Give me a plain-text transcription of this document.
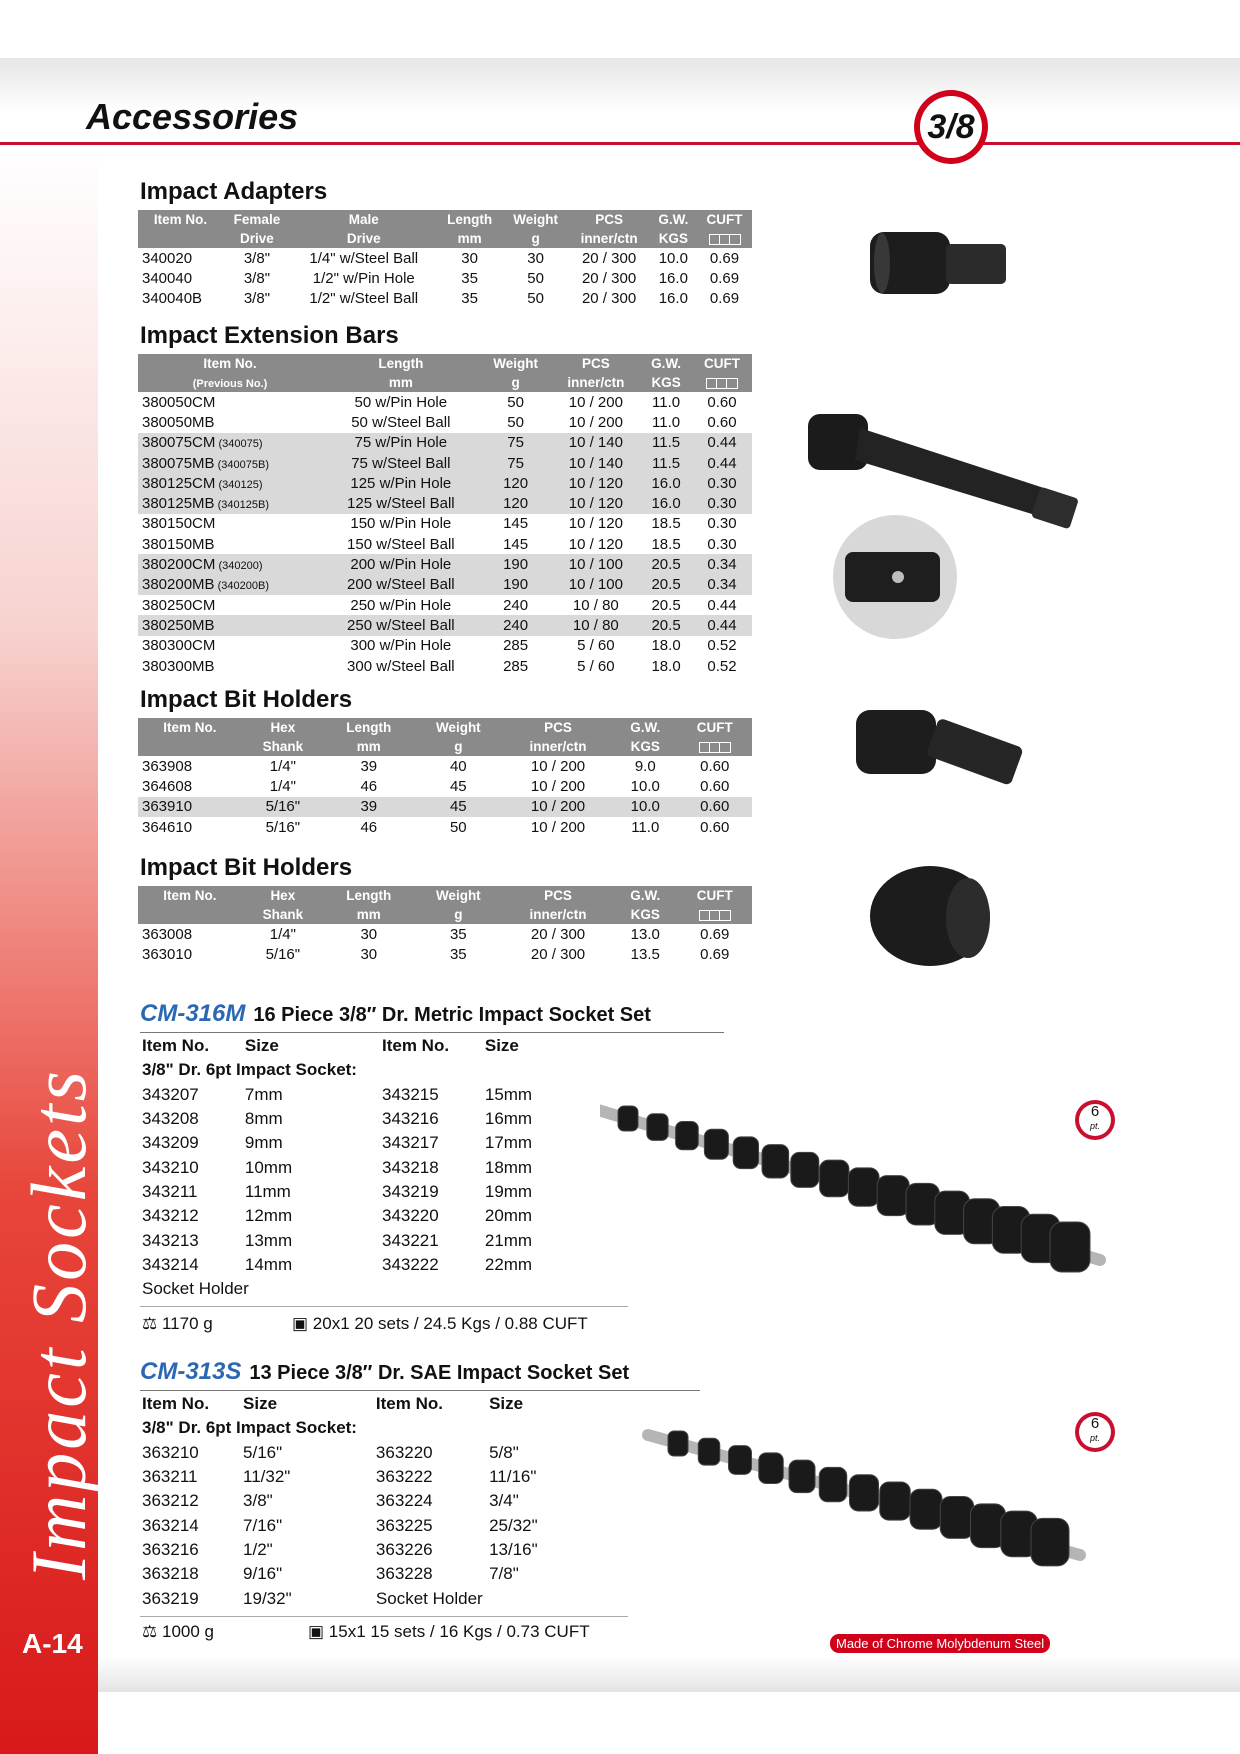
Accessories	3/8
Impact Sockets
A-14
Impact Adapters
Item No.	Female	Male	Length	Weight	PCS	G.W.	CUFT
	Drive	Drive	mm	g	inner/ctn	KGS	
340020	3/8"	1/4" w/Steel Ball	30	30	20 / 300	10.0	0.69
340040	3/8"	1/2" w/Pin Hole	35	50	20 / 300	16.0	0.69
340040B	3/8"	1/2" w/Steel Ball	35	50	20 / 300	16.0	0.69
Impact Extension Bars
Item No.	Length	Weight	PCS	G.W.	CUFT
(Previous No.)	mm	g	inner/ctn	KGS	
380050CM	50 w/Pin Hole	50	10 / 200	11.0	0.60
380050MB	50 w/Steel Ball	50	10 / 200	11.0	0.60
380075CM (340075)	75 w/Pin Hole	75	10 / 140	11.5	0.44
380075MB (340075B)	75 w/Steel Ball	75	10 / 140	11.5	0.44
380125CM (340125)	125 w/Pin Hole	120	10 / 120	16.0	0.30
380125MB (340125B)	125 w/Steel Ball	120	10 / 120	16.0	0.30
380150CM	150 w/Pin Hole	145	10 / 120	18.5	0.30
380150MB	150 w/Steel Ball	145	10 / 120	18.5	0.30
380200CM (340200)	200 w/Pin Hole	190	10 / 100	20.5	0.34
380200MB (340200B)	200 w/Steel Ball	190	10 / 100	20.5	0.34
380250CM	250 w/Pin Hole	240	10 / 80	20.5	0.44
380250MB	250 w/Steel Ball	240	10 / 80	20.5	0.44
380300CM	300 w/Pin Hole	285	5 / 60	18.0	0.52
380300MB	300 w/Steel Ball	285	5 / 60	18.0	0.52
Impact Bit Holders
Item No.	Hex	Length	Weight	PCS	G.W.	CUFT
	Shank	mm	g	inner/ctn	KGS	
363908	1/4"	39	40	10 / 200	9.0	0.60
364608	1/4"	46	45	10 / 200	10.0	0.60
363910	5/16"	39	45	10 / 200	10.0	0.60
364610	5/16"	46	50	10 / 200	11.0	0.60
Impact Bit Holders
Item No.	Hex	Length	Weight	PCS	G.W.	CUFT
	Shank	mm	g	inner/ctn	KGS	
363008	1/4"	30	35	20 / 300	13.0	0.69
363010	5/16"	30	35	20 / 300	13.5	0.69
CM-316M 16 Piece 3/8″ Dr. Metric Impact Socket Set
Item No.	Size	Item No.	Size
3/8" Dr. 6pt Impact Socket:			
343207	7mm	343215	15mm
343208	8mm	343216	16mm
343209	9mm	343217	17mm
343210	10mm	343218	18mm
343211	11mm	343219	19mm
343212	12mm	343220	20mm
343213	13mm	343221	21mm
343214	14mm	343222	22mm
Socket Holder			
⚖ 1170 g	▣ 20x1 20 sets / 24.5 Kgs / 0.88 CUFT
6
pt.
CM-313S 13 Piece 3/8″ Dr. SAE Impact Socket Set
Item No.	Size	Item No.	Size
3/8" Dr. 6pt Impact Socket:			
363210	5/16"	363220	5/8"
363211	11/32"	363222	11/16"
363212	3/8"	363224	3/4"
363214	7/16"	363225	25/32"
363216	1/2"	363226	13/16"
363218	9/16"	363228	7/8"
363219	19/32"	Socket Holder	
⚖ 1000 g	▣ 15x1 15 sets / 16 Kgs / 0.73 CUFT
6
pt.
Made of Chrome Molybdenum Steel
